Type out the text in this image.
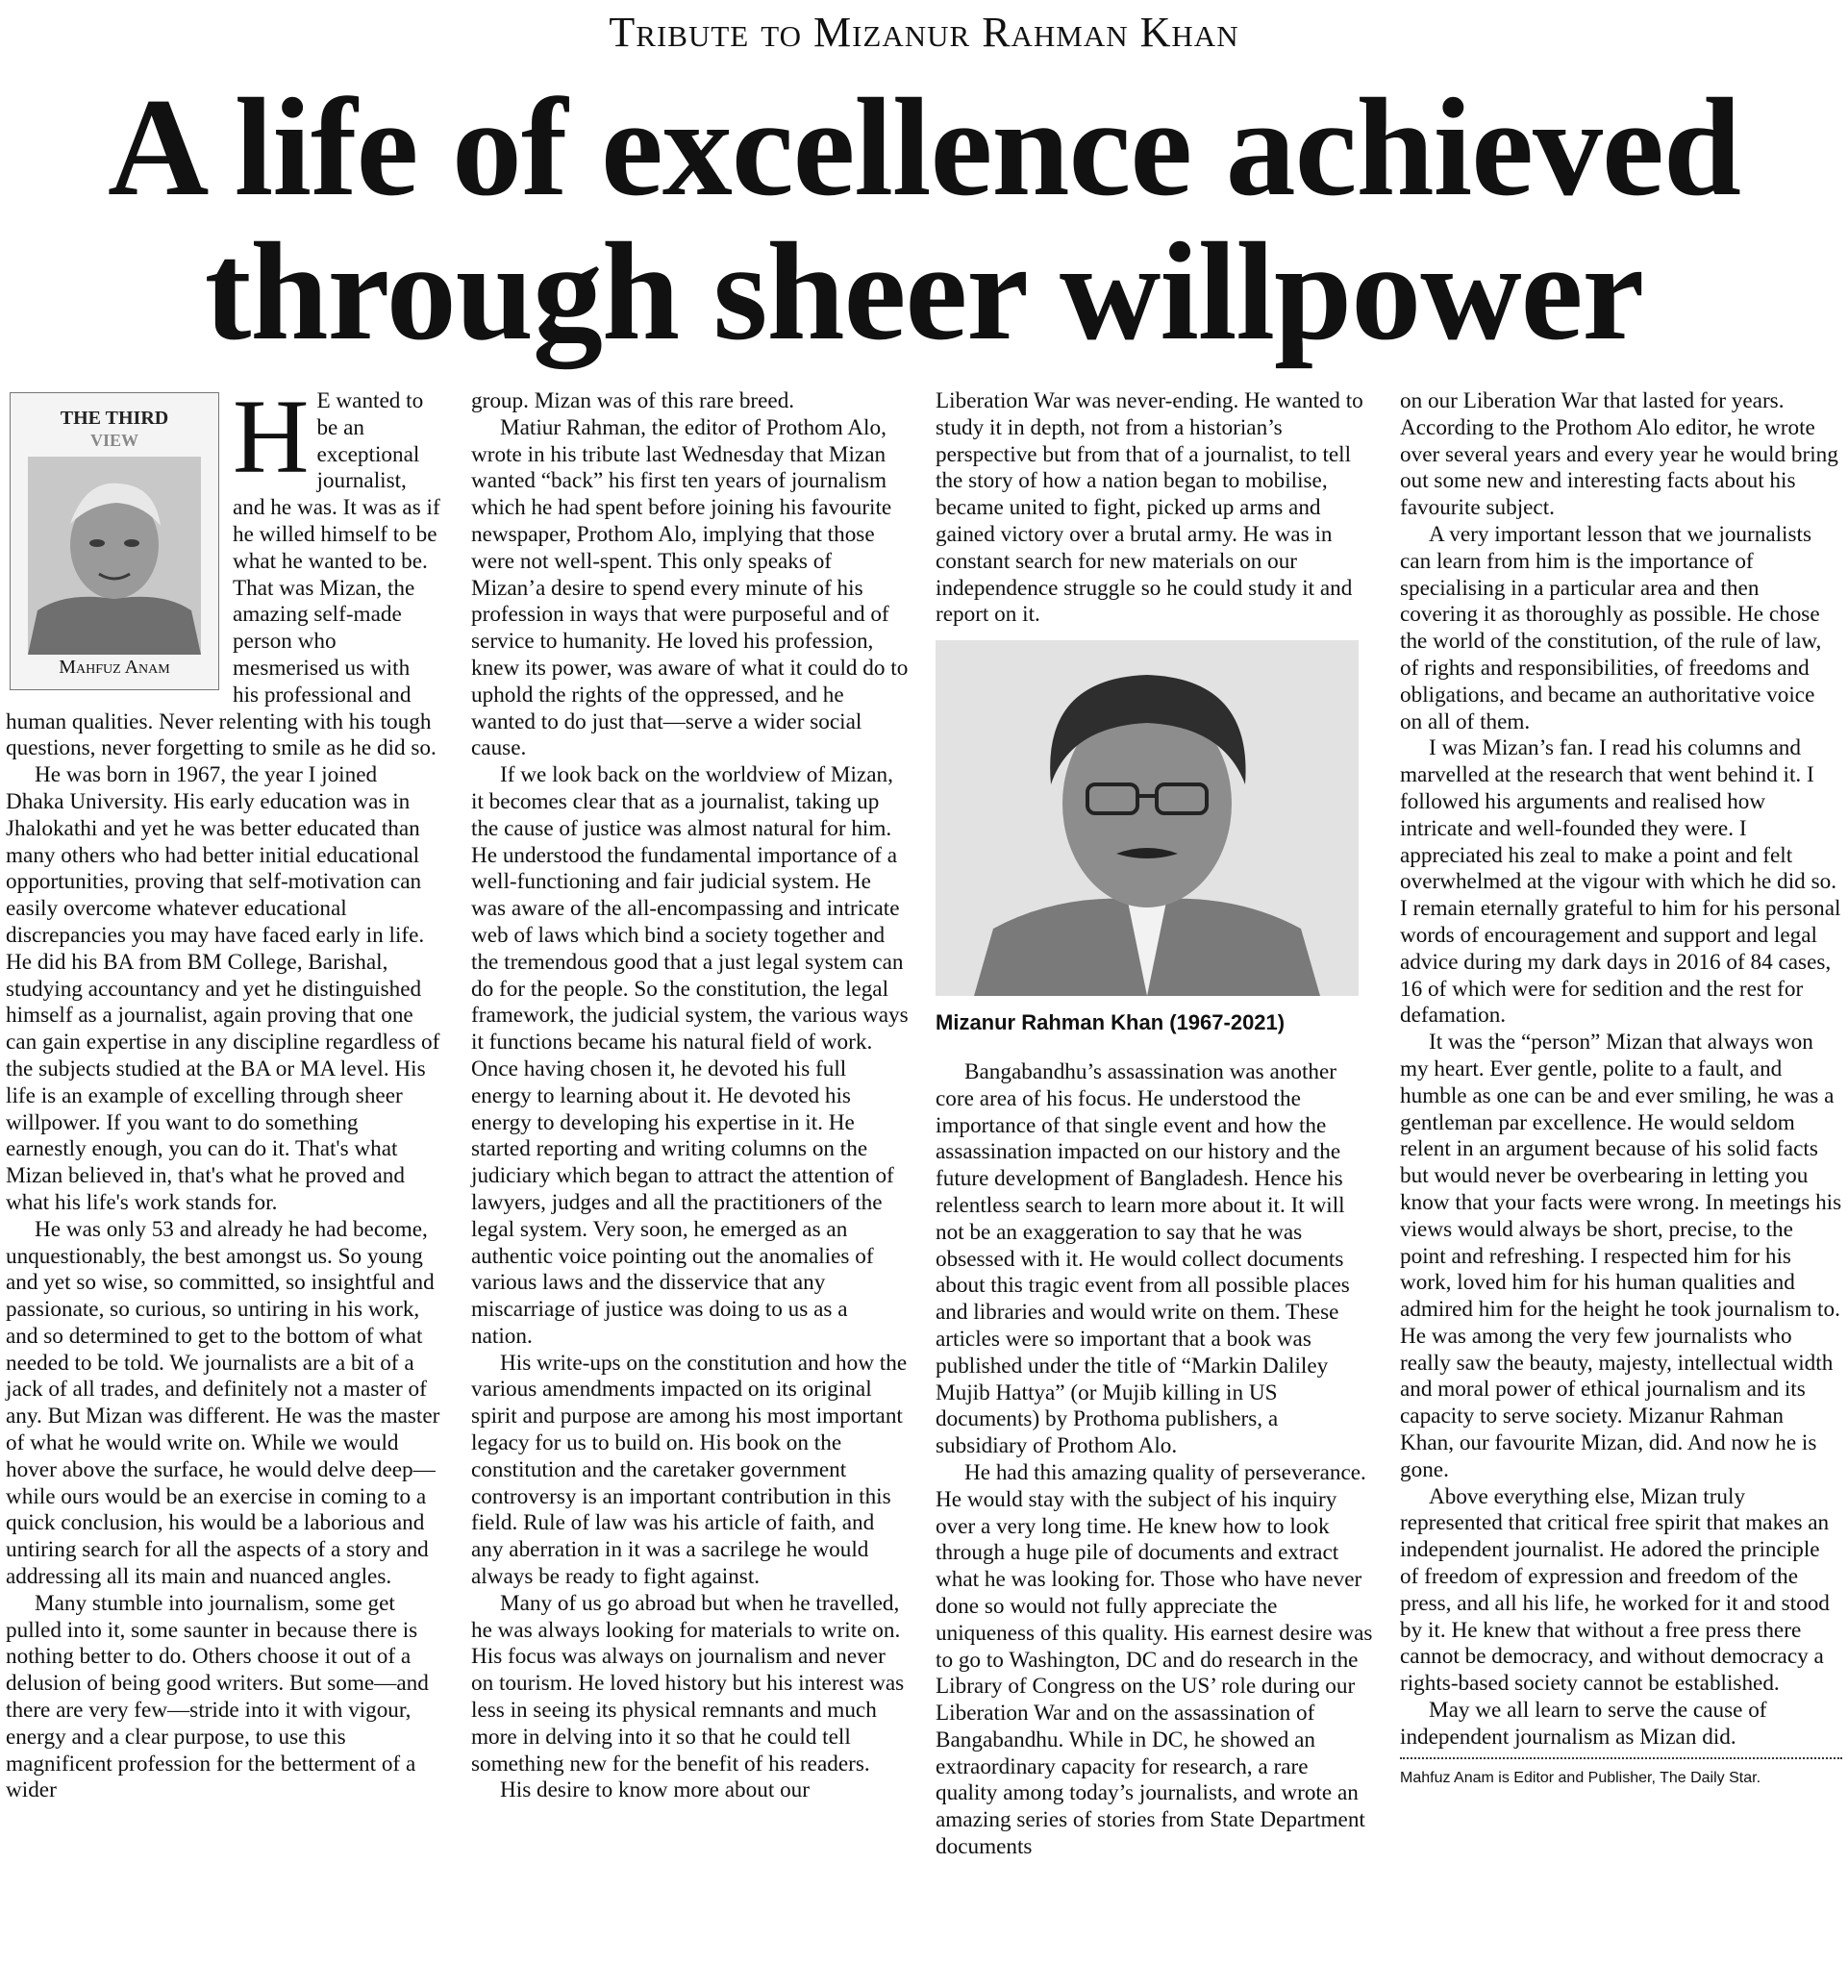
Tribute to Mizanur Rahman Khan
A life of excellence achieved through sheer willpower
THE THIRD
VIEW
Mahfuz Anam

H E wanted to be an exceptional journalist, and he was. It was as if he willed himself to be what he wanted to be. That was Mizan, the amazing self-made person who mesmerised us with his professional and human qualities. Never relenting with his tough questions, never forgetting to smile as he did so.

He was born in 1967, the year I joined Dhaka University. His early education was in Jhalokathi and yet he was better educated than many others who had better initial educational opportunities, proving that self-motivation can easily overcome whatever educational discrepancies you may have faced early in life. He did his BA from BM College, Barishal, studying accountancy and yet he distinguished himself as a journalist, again proving that one can gain expertise in any discipline regardless of the subjects studied at the BA or MA level. His life is an example of excelling through sheer willpower. If you want to do something earnestly enough, you can do it. That's what Mizan believed in, that's what he proved and what his life's work stands for.

He was only 53 and already he had become, unquestionably, the best amongst us. So young and yet so wise, so committed, so insightful and passionate, so curious, so untiring in his work, and so determined to get to the bottom of what needed to be told. We journalists are a bit of a jack of all trades, and definitely not a master of any. But Mizan was different. He was the master of what he would write on. While we would hover above the surface, he would delve deep—while ours would be an exercise in coming to a quick conclusion, his would be a laborious and untiring search for all the aspects of a story and addressing all its main and nuanced angles.

Many stumble into journalism, some get pulled into it, some saunter in because there is nothing better to do. Others choose it out of a delusion of being good writers. But some—and there are very few—stride into it with vigour, energy and a clear purpose, to use this magnificent profession for the betterment of a wider

group. Mizan was of this rare breed.

Matiur Rahman, the editor of Prothom Alo, wrote in his tribute last Wednesday that Mizan wanted “back” his first ten years of journalism which he had spent before joining his favourite newspaper, Prothom Alo, implying that those were not well-spent. This only speaks of Mizan’a desire to spend every minute of his profession in ways that were purposeful and of service to humanity. He loved his profession, knew its power, was aware of what it could do to uphold the rights of the oppressed, and he wanted to do just that—serve a wider social cause.

If we look back on the worldview of Mizan, it becomes clear that as a journalist, taking up the cause of justice was almost natural for him. He understood the fundamental importance of a well-functioning and fair judicial system. He was aware of the all-encompassing and intricate web of laws which bind a society together and the tremendous good that a just legal system can do for the people. So the constitution, the legal framework, the judicial system, the various ways it functions became his natural field of work. Once having chosen it, he devoted his full energy to learning about it. He devoted his energy to developing his expertise in it. He started reporting and writing columns on the judiciary which began to attract the attention of lawyers, judges and all the practitioners of the legal system. Very soon, he emerged as an authentic voice pointing out the anomalies of various laws and the disservice that any miscarriage of justice was doing to us as a nation.

His write-ups on the constitution and how the various amendments impacted on its original spirit and purpose are among his most important legacy for us to build on. His book on the constitution and the caretaker government controversy is an important contribution in this field. Rule of law was his article of faith, and any aberration in it was a sacrilege he would always be ready to fight against.

Many of us go abroad but when he travelled, he was always looking for materials to write on. His focus was always on journalism and never on tourism. He loved history but his interest was less in seeing its physical remnants and much more in delving into it so that he could tell something new for the benefit of his readers.

His desire to know more about our

Liberation War was never-ending. He wanted to study it in depth, not from a historian’s perspective but from that of a journalist, to tell the story of how a nation began to mobilise, became united to fight, picked up arms and gained victory over a brutal army. He was in constant search for new materials on our independence struggle so he could study it and report on it.

Mizanur Rahman Khan (1967-2021)

Bangabandhu’s assassination was another core area of his focus. He understood the importance of that single event and how the assassination impacted on our history and the future development of Bangladesh. Hence his relentless search to learn more about it. It will not be an exaggeration to say that he was obsessed with it. He would collect documents about this tragic event from all possible places and libraries and would write on them. These articles were so important that a book was published under the title of “Markin Daliley Mujib Hattya” (or Mujib killing in US documents) by Prothoma publishers, a subsidiary of Prothom Alo.

He had this amazing quality of perseverance. He would stay with the subject of his inquiry over a very long time. He knew how to look through a huge pile of documents and extract what he was looking for. Those who have never done so would not fully appreciate the uniqueness of this quality. His earnest desire was to go to Washington, DC and do research in the Library of Congress on the US’ role during our Liberation War and on the assassination of Bangabandhu. While in DC, he showed an extraordinary capacity for research, a rare quality among today’s journalists, and wrote an amazing series of stories from State Department documents

on our Liberation War that lasted for years. According to the Prothom Alo editor, he wrote over several years and every year he would bring out some new and interesting facts about his favourite subject.

A very important lesson that we journalists can learn from him is the importance of specialising in a particular area and then covering it as thoroughly as possible. He chose the world of the constitution, of the rule of law, of rights and responsibilities, of freedoms and obligations, and became an authoritative voice on all of them.

I was Mizan’s fan. I read his columns and marvelled at the research that went behind it. I followed his arguments and realised how intricate and well-founded they were. I appreciated his zeal to make a point and felt overwhelmed at the vigour with which he did so. I remain eternally grateful to him for his personal words of encouragement and support and legal advice during my dark days in 2016 of 84 cases, 16 of which were for sedition and the rest for defamation.

It was the “person” Mizan that always won my heart. Ever gentle, polite to a fault, and humble as one can be and ever smiling, he was a gentleman par excellence. He would seldom relent in an argument because of his solid facts but would never be overbearing in letting you know that your facts were wrong. In meetings his views would always be short, precise, to the point and refreshing. I respected him for his work, loved him for his human qualities and admired him for the height he took journalism to. He was among the very few journalists who really saw the beauty, majesty, intellectual width and moral power of ethical journalism and its capacity to serve society. Mizanur Rahman Khan, our favourite Mizan, did. And now he is gone.

Above everything else, Mizan truly represented that critical free spirit that makes an independent journalist. He adored the principle of freedom of expression and freedom of the press, and all his life, he worked for it and stood by it. He knew that without a free press there cannot be democracy, and without democracy a rights-based society cannot be established.

May we all learn to serve the cause of independent journalism as Mizan did.

Mahfuz Anam is Editor and Publisher, The Daily Star.
